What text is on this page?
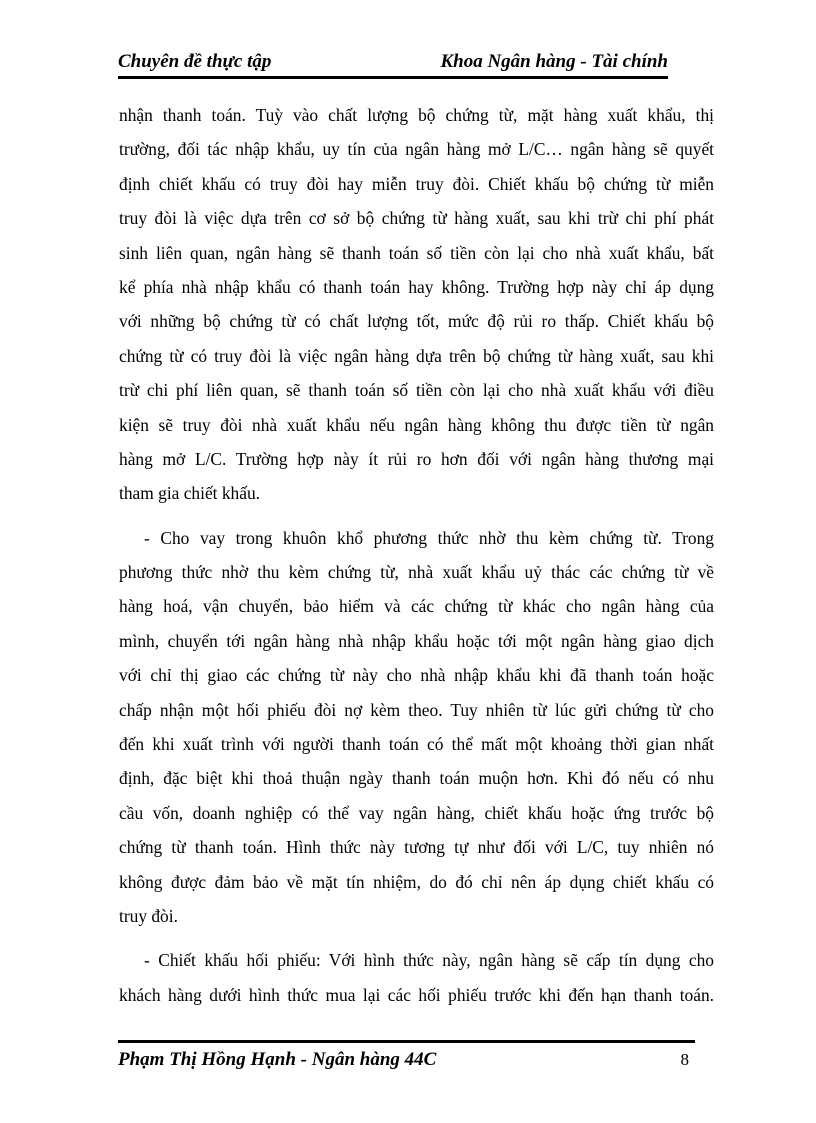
Chuyên đề thực tập	Khoa Ngân hàng - Tài chính
nhận thanh toán. Tuỳ vào chất lượng bộ chứng từ, mặt hàng xuất khẩu, thị
trường, đối tác nhập khẩu, uy tín của ngân hàng mở L/C… ngân hàng sẽ quyết
định chiết khấu có truy đòi hay miễn truy đòi. Chiết khấu bộ chứng từ miễn
truy đòi là việc dựa trên cơ sở bộ chứng từ hàng xuất, sau khi trừ chi phí phát
sinh liên quan, ngân hàng sẽ thanh toán số tiền còn lại cho nhà xuất khẩu, bất
kể phía nhà nhập khẩu có thanh toán hay không. Trường hợp này chỉ áp dụng
với những bộ chứng từ có chất lượng tốt, mức độ rủi ro thấp. Chiết khấu bộ
chứng từ có truy đòi là việc ngân hàng dựa trên bộ chứng từ hàng xuất, sau khi
trừ chi phí liên quan, sẽ thanh toán số tiền còn lại cho nhà xuất khẩu với điều
kiện sẽ truy đòi nhà xuất khẩu nếu ngân hàng không thu được tiền từ ngân
hàng mở L/C. Trường hợp này ít rủi ro hơn đối với ngân hàng thương mại
tham gia chiết khấu.
- Cho vay trong khuôn khổ phương thức nhờ thu kèm chứng từ. Trong
phương thức nhờ thu kèm chứng từ, nhà xuất khẩu uỷ thác các chứng từ về
hàng hoá, vận chuyển, bảo hiểm và các chứng từ khác cho ngân hàng của
mình, chuyển tới ngân hàng nhà nhập khẩu hoặc tới một ngân hàng giao dịch
với chỉ thị giao các chứng từ này cho nhà nhập khẩu khi đã thanh toán hoặc
chấp nhận một hối phiếu đòi nợ kèm theo. Tuy nhiên từ lúc gửi chứng từ cho
đến khi xuất trình với người thanh toán có thể mất một khoảng thời gian nhất
định, đặc biệt khi thoả thuận ngày thanh toán muộn hơn. Khi đó nếu có nhu
cầu vốn, doanh nghiệp có thể vay ngân hàng, chiết khấu hoặc ứng trước bộ
chứng từ thanh toán. Hình thức này tương tự như đối với L/C, tuy nhiên nó
không được đảm bảo về mặt tín nhiệm, do đó chỉ nên áp dụng chiết khấu có
truy đòi.
- Chiết khấu hối phiếu: Với hình thức này, ngân hàng sẽ cấp tín dụng cho
khách hàng dưới hình thức mua lại các hối phiếu trước khi đến hạn thanh toán.
Phạm Thị Hồng Hạnh - Ngân hàng 44C	8
